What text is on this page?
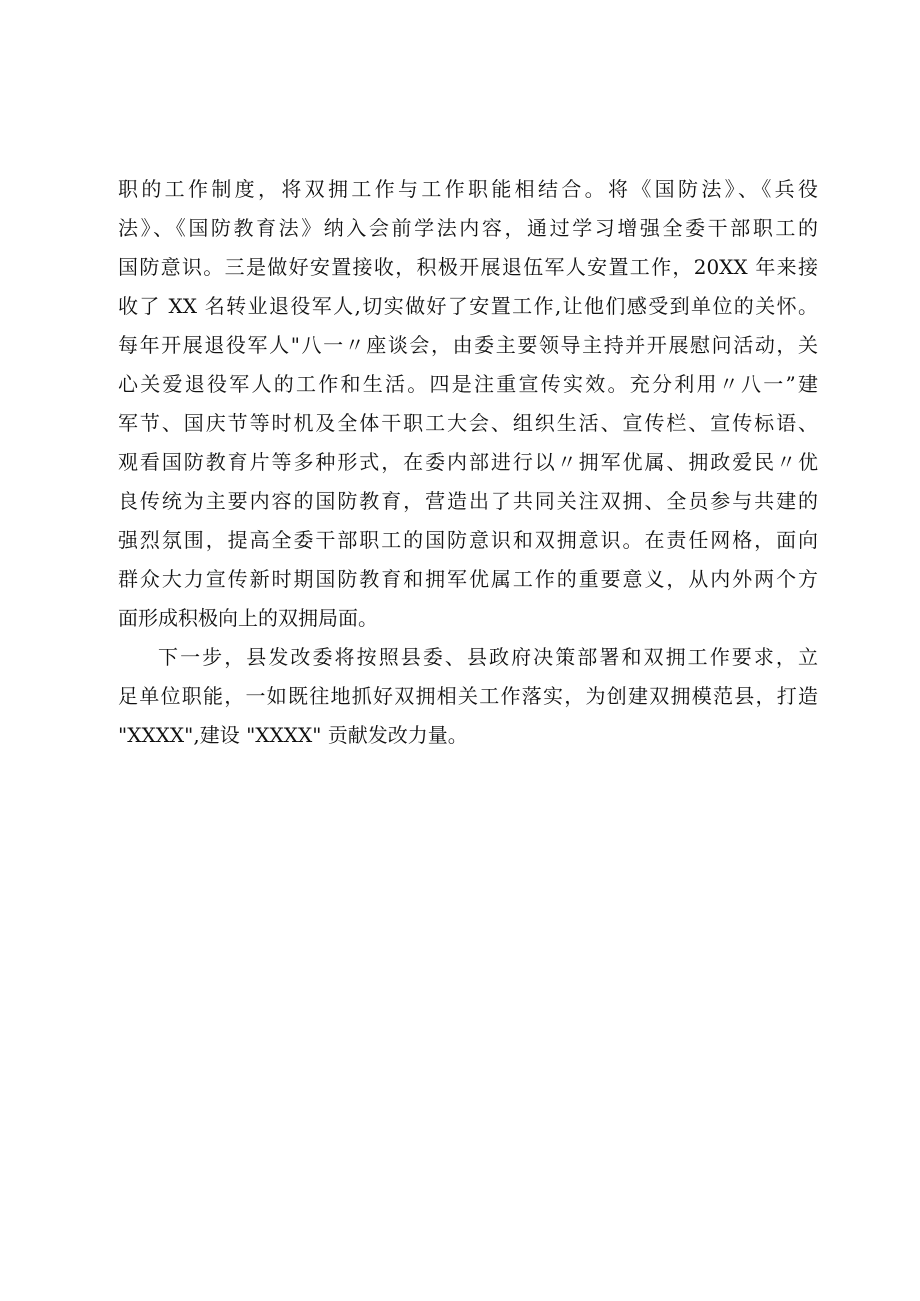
职的工作制度，将双拥工作与工作职能相结合。将《国防法》、《兵役
法》、《国防教育法》纳入会前学法内容，通过学习增强全委干部职工的
国防意识。三是做好安置接收，积极开展退伍军人安置工作，20XX 年来接
收了 XX 名转业退役军人,切实做好了安置工作,让他们感受到单位的关怀。
每年开展退役军人"八一〃座谈会，由委主要领导主持并开展慰问活动，关
心关爱退役军人的工作和生活。四是注重宣传实效。充分利用〃八一”建
军节、国庆节等时机及全体干职工大会、组织生活、宣传栏、宣传标语、
观看国防教育片等多种形式，在委内部进行以〃拥军优属、拥政爱民〃优
良传统为主要内容的国防教育，营造出了共同关注双拥、全员参与共建的
强烈氛围，提高全委干部职工的国防意识和双拥意识。在责任网格，面向
群众大力宣传新时期国防教育和拥军优属工作的重要意义，从内外两个方
面形成积极向上的双拥局面。
下一步，县发改委将按照县委、县政府决策部署和双拥工作要求，立
足单位职能，一如既往地抓好双拥相关工作落实，为创建双拥模范县，打造
"XXXX",建设 "XXXX" 贡献发改力量。
